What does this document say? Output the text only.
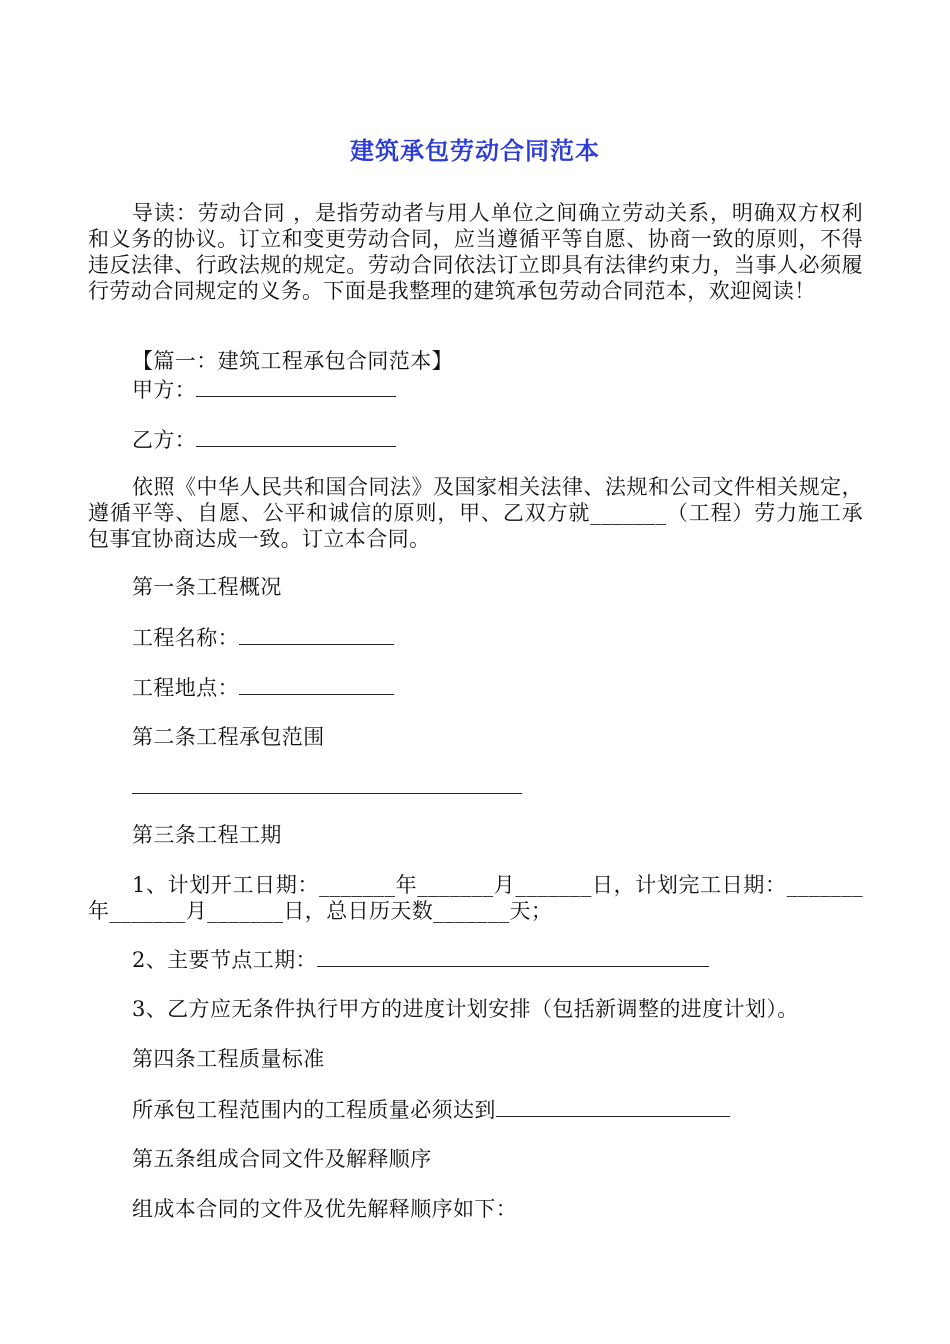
建筑承包劳动合同范本

导读：劳动合同 ，是指劳动者与用人单位之间确立劳动关系，明确双方权利和义务的协议。订立和变更劳动合同，应当遵循平等自愿、协商一致的原则，不得违反法律、行政法规的规定。劳动合同依法订立即具有法律约束力，当事人必须履行劳动合同规定的义务。下面是我整理的建筑承包劳动合同范本，欢迎阅读！

【篇一：建筑工程承包合同范本】
甲方：
乙方：

依照《中华人民共和国合同法》及国家相关法律、法规和公司文件相关规定，遵循平等、自愿、公平和诚信的原则，甲、乙双方就_______（工程）劳力施工承包事宜协商达成一致。订立本合同。

第一条工程概况
工程名称：
工程地点：
第二条工程承包范围
第三条工程工期

1、计划开工日期：_______年_______月_______日，计划完工日期：_______年_______月_______日，总日历天数_______天；

2、主要节点工期：
3、乙方应无条件执行甲方的进度计划安排（包括新调整的进度计划）。
第四条工程质量标准
所承包工程范围内的工程质量必须达到
第五条组成合同文件及解释顺序
组成本合同的文件及优先解释顺序如下：
